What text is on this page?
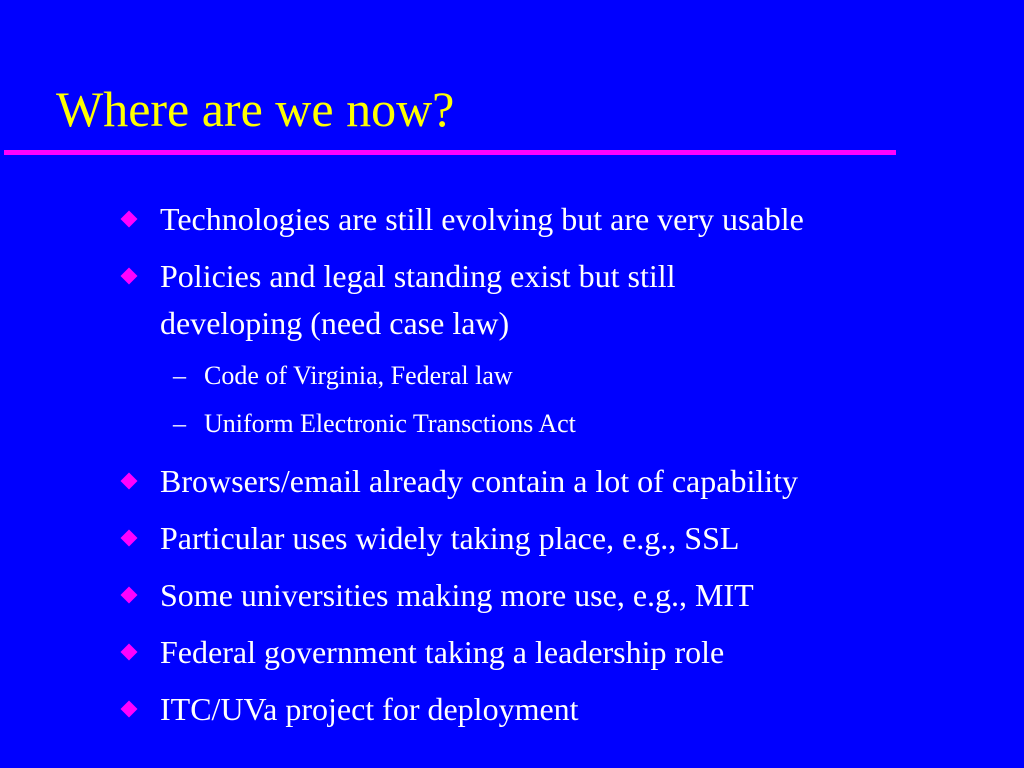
Where are we now?
Technologies are still evolving but are very usable
Policies and legal standing exist but still
developing (need case law)
– Code of Virginia, Federal law
– Uniform Electronic Transctions Act
Browsers/email already contain a lot of capability
Particular uses widely taking place, e.g., SSL
Some universities making more use, e.g., MIT
Federal government taking a leadership role
ITC/UVa project for deployment
